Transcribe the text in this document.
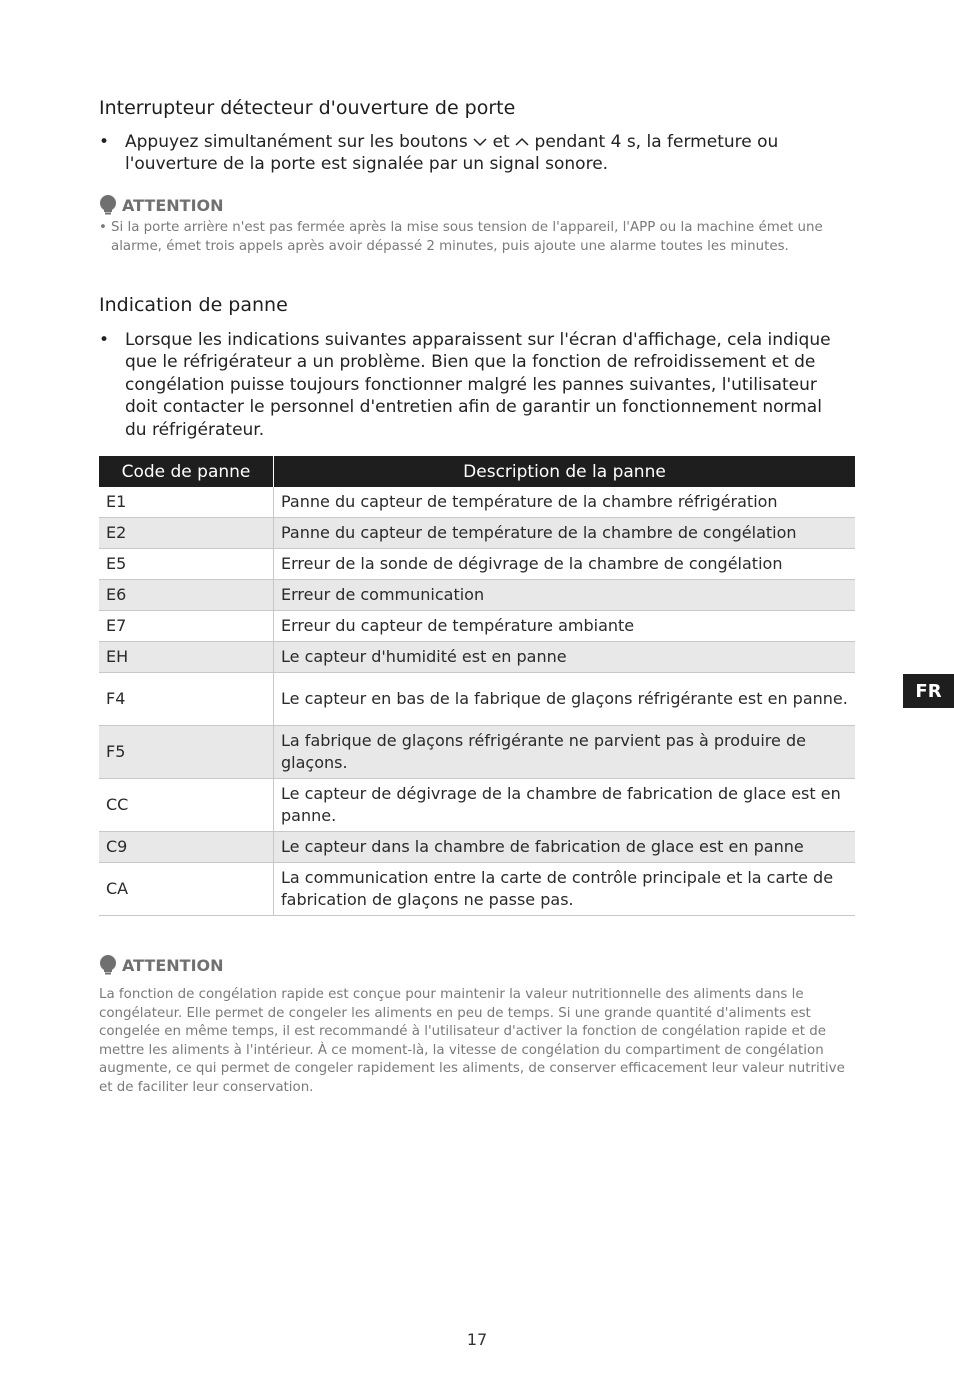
Interrupteur détecteur d'ouverture de porte
• Appuyez simultanément sur les boutons et pendant 4 s, la fermeture ou l'ouverture de la porte est signalée par un signal sonore.
ATTENTION
• Si la porte arrière n'est pas fermée après la mise sous tension de l'appareil, l'APP ou la machine émet une alarme, émet trois appels après avoir dépassé 2 minutes, puis ajoute une alarme toutes les minutes.
Indication de panne
• Lorsque les indications suivantes apparaissent sur l'écran d'affichage, cela indique que le réfrigérateur a un problème. Bien que la fonction de refroidissement et de congélation puisse toujours fonctionner malgré les pannes suivantes, l'utilisateur doit contacter le personnel d'entretien afin de garantir un fonctionnement normal du réfrigérateur.
Code de panne	Description de la panne
E1	Panne du capteur de température de la chambre réfrigération
E2	Panne du capteur de température de la chambre de congélation
E5	Erreur de la sonde de dégivrage de la chambre de congélation
E6	Erreur de communication
E7	Erreur du capteur de température ambiante
EH	Le capteur d'humidité est en panne
F4	Le capteur en bas de la fabrique de glaçons réfrigérante est en panne.
F5	La fabrique de glaçons réfrigérante ne parvient pas à produire de glaçons.
CC	Le capteur de dégivrage de la chambre de fabrication de glace est en panne.
C9	Le capteur dans la chambre de fabrication de glace est en panne
CA	La communication entre la carte de contrôle principale et la carte de fabrication de glaçons ne passe pas.
ATTENTION
La fonction de congélation rapide est conçue pour maintenir la valeur nutritionnelle des aliments dans le congélateur. Elle permet de congeler les aliments en peu de temps. Si une grande quantité d'aliments est congelée en même temps, il est recommandé à l'utilisateur d'activer la fonction de congélation rapide et de mettre les aliments à l'intérieur. À ce moment-là, la vitesse de congélation du compartiment de congélation augmente, ce qui permet de congeler rapidement les aliments, de conserver efficacement leur valeur nutritive et de faciliter leur conservation.
FR
17
